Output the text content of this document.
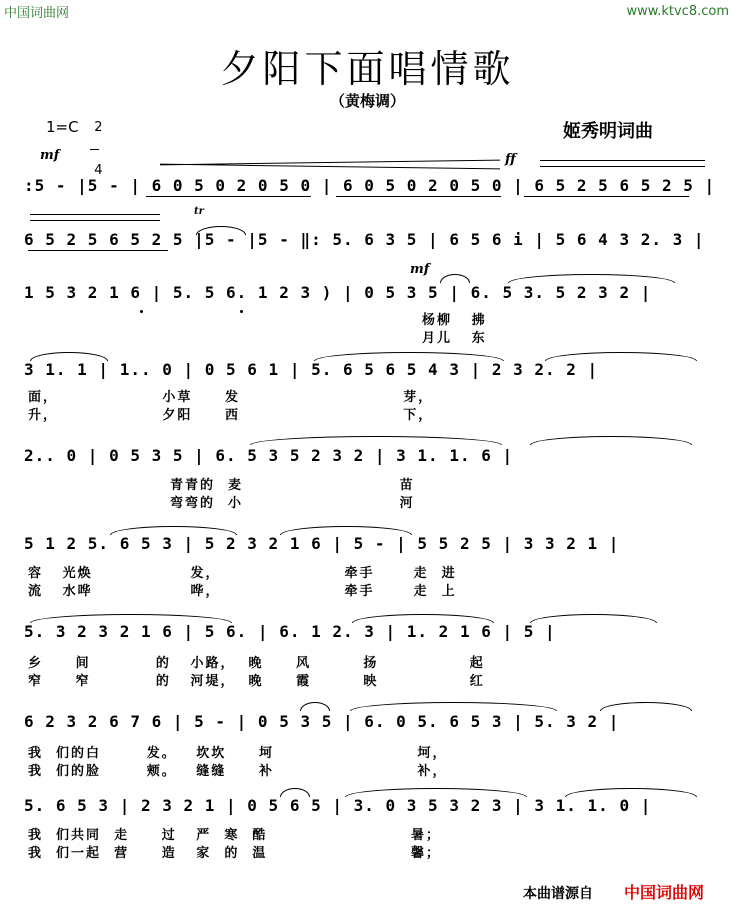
中国词曲网	www.ktvc8.com
夕阳下面唱情歌
（黄梅调）
1=C	2

4

姬秀明词曲
mf	ff
tr
mf
:5 - |5 - | 6 0 5 0 2 0 5 0 | 6 0 5 0 2 0 5 0 | 6 5 2 5 6 5 2 5 |
6 5 2 5 6 5 2 5 |5 - |5 - ‖: 5. 6 3 5 | 6 5 6 i | 5 6 4 3 2. 3 |
1 5 3 2 1 6 | 5. 5 6. 1 2 3 ) | 0 5 3 5 | 6. 5 3. 5 2 3 2 |
杨柳   拂
月儿   东
3 1. 1 | 1.. 0 | 0 5 6 1 | 5. 6 5 6 5 4 3 | 2 3 2. 2 |
面，                小草     发                         芽，
升，                夕阳     西                         下，
2.. 0 | 0 5 3 5 | 6. 5 3 5 2 3 2 | 3 1. 1. 6 |
青青的  麦                        苗
弯弯的  小                        河
5 1 2 5. 6 5 3 | 5 2 3 2 1 6 | 5 - | 5 5 2 5 | 3 3 2 1 |
容   光焕               发，                   牵手      走  进
流   水哗               哗，                   牵手      走  上
5. 3 2 3 2 1 6 | 5 6. | 6. 1 2. 3 | 1. 2 1 6 | 5 |
乡     间          的   小路，  晚     风        扬              起
窄     窄          的   河堤，  晚     霞        映              红
6 2 3 2 6 7 6 | 5 - | 0 5 3 5 | 6. 0 5. 6 5 3 | 5. 3 2 |
我  们的白       发。   坎坎     坷                      坷，
我  们的脸       颊。   缝缝     补                      补，
5. 6 5 3 | 2 3 2 1 | 0 5 6 5 | 3. 0 3 5 3 2 3 | 3 1. 1. 0 |
我  们共同  走     过   严  寒  酷                      暑；
我  们一起  营     造   家  的  温                      馨；
本曲谱源自 中国词曲网
